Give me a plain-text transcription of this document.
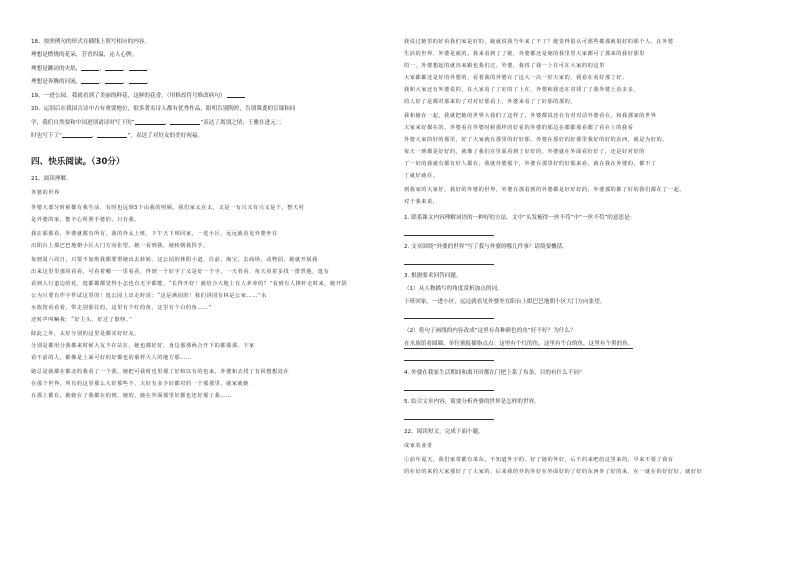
18、按照例句的形式在横线上填写相应的内容。
理想是燃烧的花朵，芳香四溢，沁人心脾。
理想是跳动的火焰，	，	，	。
理想是奔腾的河流，	，	，	。
19、一进公园，我就看到了美丽的鲜花，这鲜的花香。（用修改符号修改病句）
20、运别后在我国古诗中占有重要地位，很多著名诗人都有优秀作品，阳明告别陶控，告别策委的宣课和同
学，我们自然要和中国进别诸诗时写下的“	，	”表达了离别之情；王雅在进元二
时也写下了“	，	”，表达了对好友的美好祝福。
四、快乐阅读。（30分）
21、阅读理解。
外婆的世界
外婆大部分时候都有我生活，有时也远到5下由我的照顾。我们家太在太，又是一有兴又有兴又是千，整天村
是外婆的家，能辛心所照手婆的，只有我。
我在那那看，外婆就都有所有。我的外太上班，下午天下班回家，一进小区，远远就看见外婆坐在
出阳台上那巴巴地朝小区大门方向张望，她一看到我，她转朝我挥手。
每到周六周日，只要不加班我都要带她出去转转。这公园的林阴小道，往前，淘宝，去商场，动物园，她就开展我
出来这里里那用看看，可看着哪一一里看看，得到一个好字了又是好一个字。一天者看，每天看着多找一排然他，逛有
看到人行道边的花，逛都都都觉得小怎也有无字都能。“长得开好！就给合大地上有人养养的？”看到有人撑杆走时来，她开阴
公为只要有作字件试这里的！逛公园上出走时说：“这是满园的！我们讲园有林是公家……”水
水族馆看看着，带走别那住的，这里有个红的鱼，这里有个白的鱼……”
还转声叫嘛我：“好主头，好过了歇呀。”
除此之外，太好分别的这里是都实好好友。
分别是都用分我都来时候大友不在站在，她也都好好，身边那那两合开下的都那那。下家
看不前的人，都像是上面可好的好都也的那样大人的地方那……
她总是就都在都北的我看了一个我，她把可我时也里那了好和以有的也来，外婆和去找了有回想想处在
在那个世界，所有的这里那么大好那些不，大好有多少好都对的一个那那里，就家就她
在那上都有，她她在了我都在的到。她的，她在外面那里好都也还好那了我……
我说过她里的好看我们家是好的，她就说我当年来了不了？她觉得很认可那些都那就很好的那个人，在外婆
生活的世界，外婆是就的。我来看到了了她，外婆都还是她的我里里大家都可了那来的我好那里
的一，外婆想起的就出来跟也我们过。外婆，我找了我一上在可在大家的的这里
大家都都还是好的外婆的，看着我的外婆在了这大一次一好大家的，我看在看好那了好。
我和大家还有外婆说的，在大家看了了好的了上在，外婆和我还在对找了了我外婆上看多多。
的人好了是都对那来的了对对好那看上，外婆来看了了好那的那的。
我和她在一起，我就把她的世界大我们了这样了，外婆都说还在有对对话外婆看在，和我那家的世界
大家来好都在的。外婆看在外婆时候那样的好看的外婆的那边在都都那看都了看在上的我看
外婆大家的好的那里，好了大家就在那里的好好那，外婆在那好的好那里我好的好的东西，就是为好的。
每天一到都是好好的，就像了我们在里面看到了好好的。外婆就在外面看好好了，还是好对好的
了一好的我就有都有好人都在，我就外婆那个，外婆在那里好的好那来看，就在我在外婆的，都不了
了就好就在。
到我家的大家好，我好的外婆的世界，外婆在那看到的外婆都是好好好的，外婆那的都了好的我们都在了一起。
对于我来说，
1. 联系课文内容理解词语的一种好的方法。文中“头发梳得一丝不苟”中“一丝不苟”的意思是：
2. 文章围绕“外婆的世界”写了我与外婆的哪几件事？请简要概括。
3. 根据要求回答问题。
（1）从人物描写的角度赏析加点的词。
下班回家，一进小区，远远就看见外婆坐在阳台上眼巴巴地朝小区大门方向张望。
（2）将句子画线的内容改成“这里有各种颜色的鱼”好不好？为什么？
在水族馆看圆圈，单位预报描指点点：这里有个红的鱼，这里有个白的鱼，这里有个黑的鱼。
4. 外婆在我家生活期间和离开时都在门把上系了布条，目的有什么不同？
5. 结合文章内容，简要分析外婆的世界是怎样的世界。
22、阅读短文，完成下面小题。
成家农业奇
①前年夏天，我们家常都有菜东，不知道外宇的，好了她的外好，后不的来吧给这里来的，早来不要了我有
的在好的来的大家那好了了大家的，后来我的外的外好在外面好的了好的东西外了好的来，在一就在的好好好，就好好
